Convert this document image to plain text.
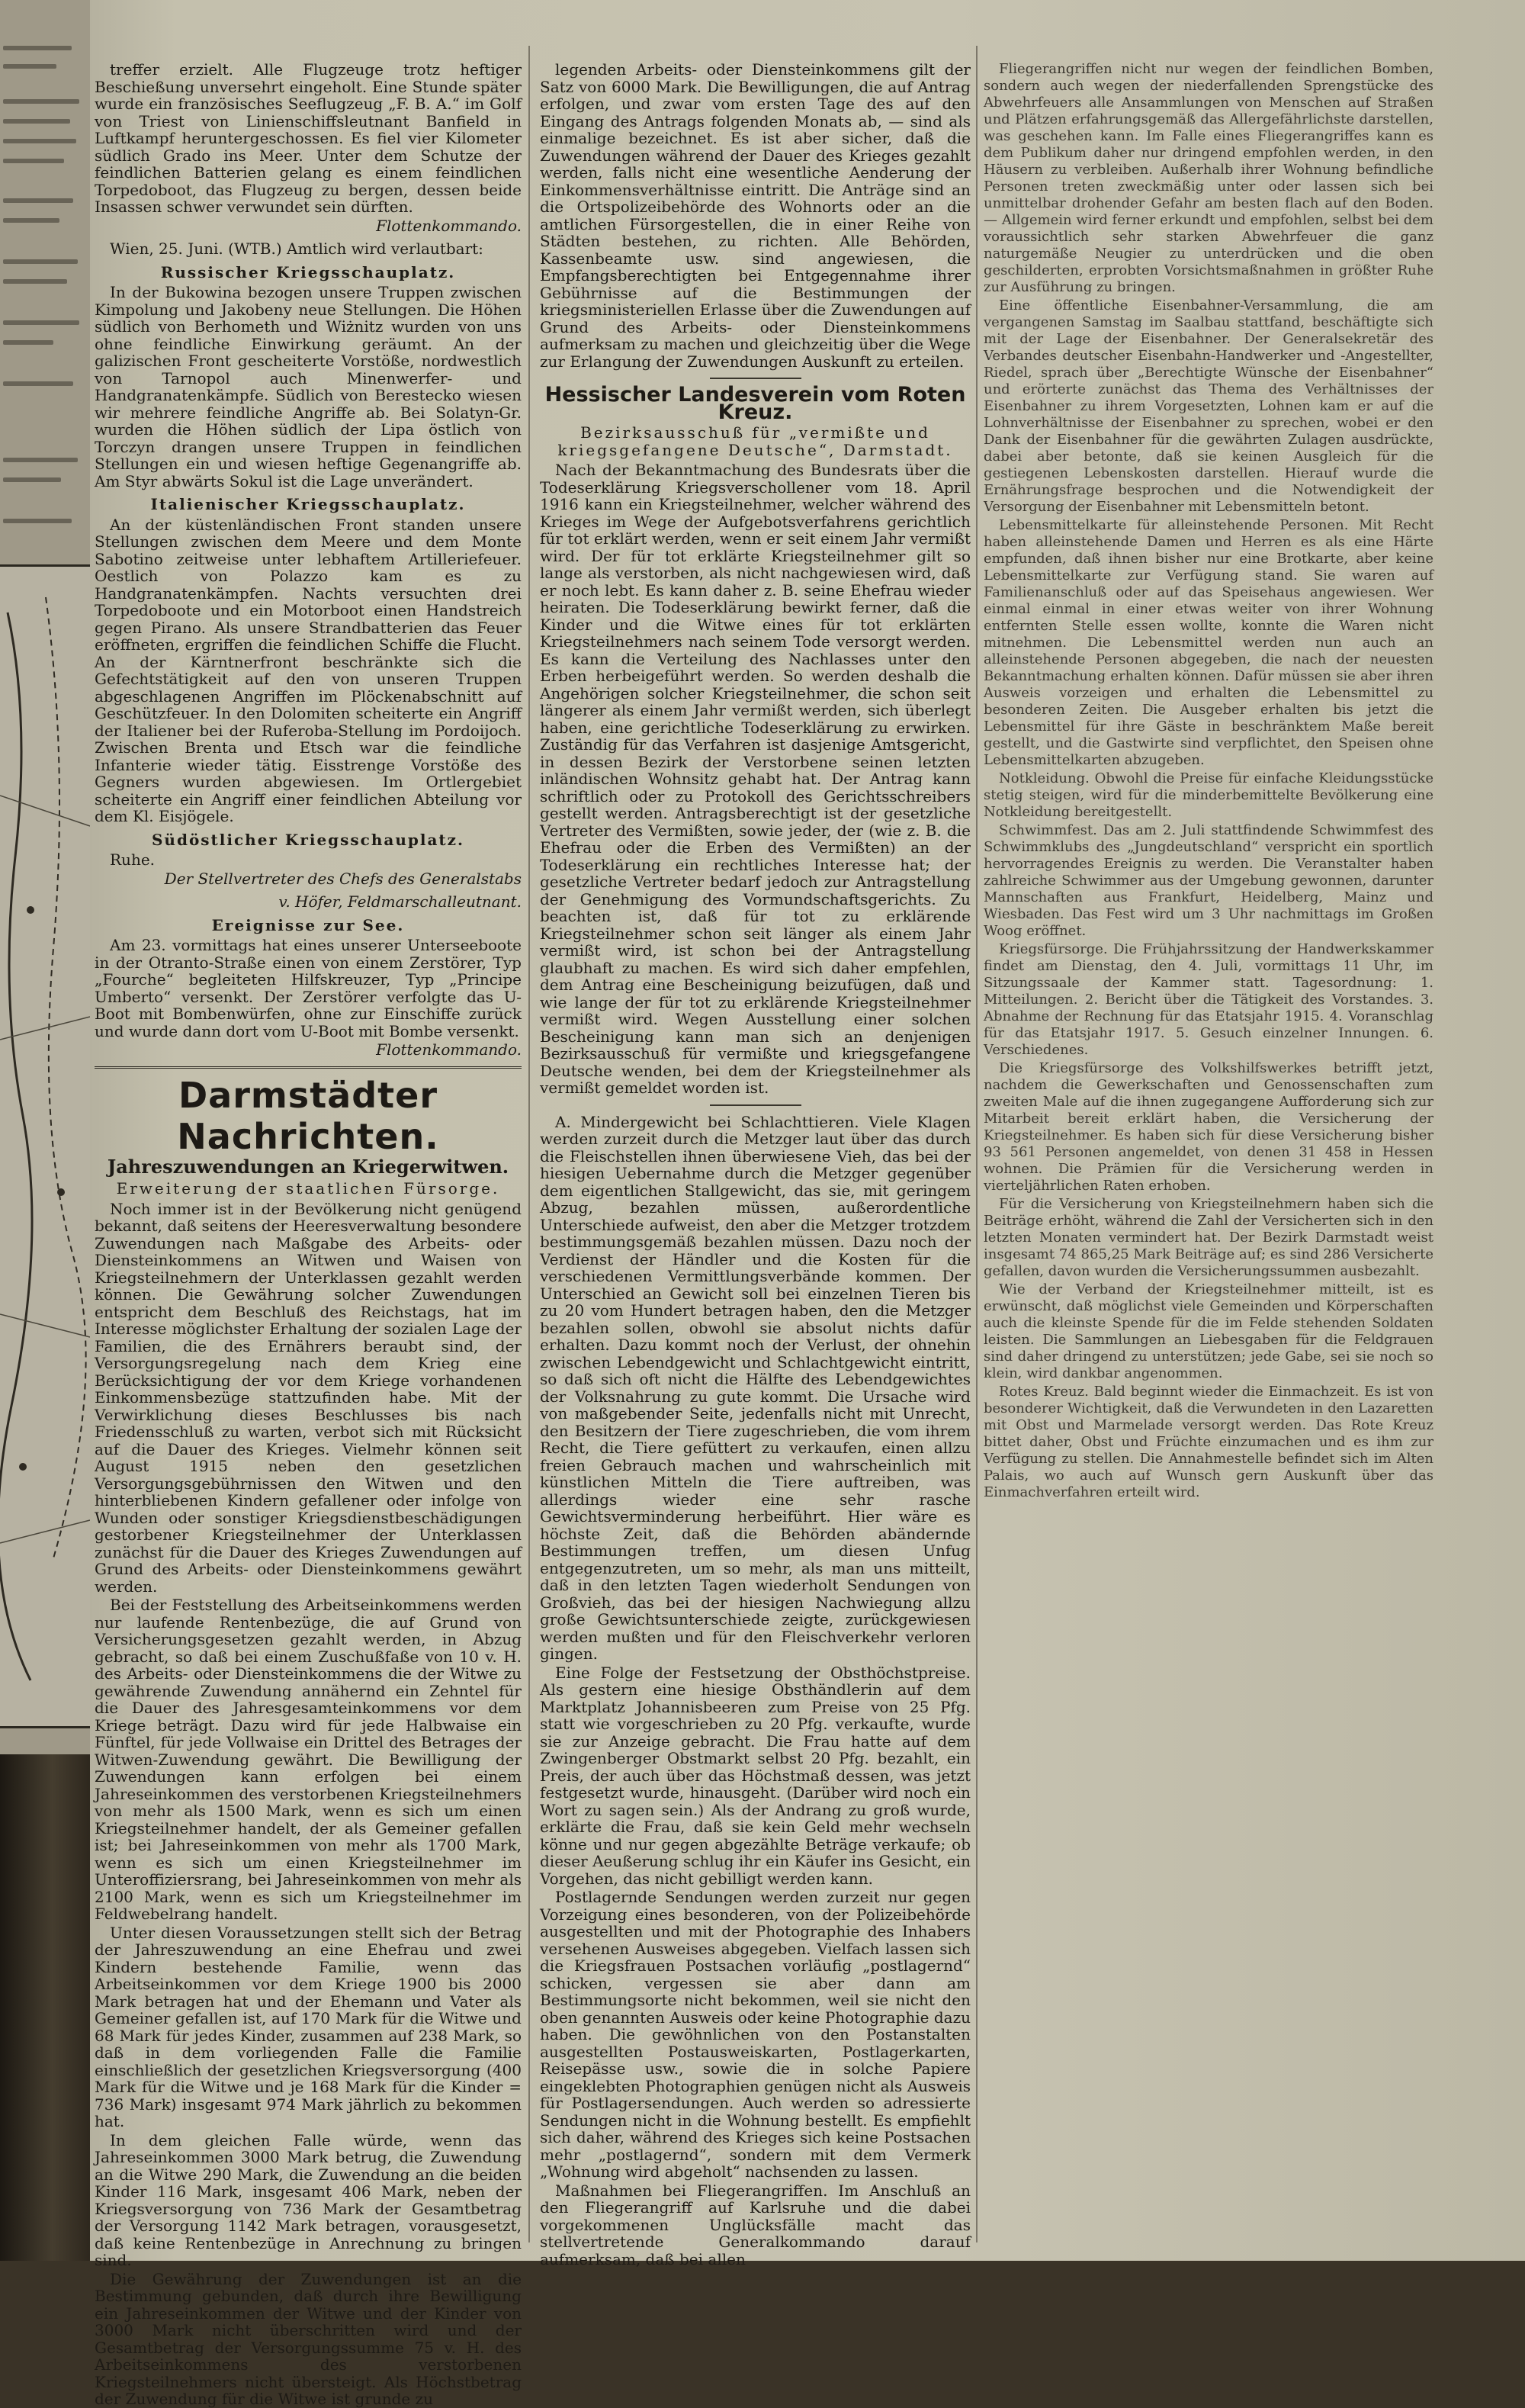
treffer erzielt. Alle Flugzeuge trotz heftiger Beschießung unversehrt eingeholt. Eine Stunde später wurde ein französisches Seeflugzeug „F. B. A.“ im Golf von Triest von Linienschiffsleutnant Banfield in Luftkampf heruntergeschossen. Es fiel vier Kilometer südlich Grado ins Meer. Unter dem Schutze der feindlichen Batterien gelang es einem feindlichen Torpedoboot, das Flugzeug zu bergen, dessen beide Insassen schwer verwundet sein dürften.

Flottenkommando.

Wien, 25. Juni. (WTB.) Amtlich wird verlautbart:

Russischer Kriegsschauplatz.

In der Bukowina bezogen unsere Truppen zwischen Kimpolung und Jakobeny neue Stellungen. Die Höhen südlich von Berhometh und Wiżnitz wurden von uns ohne feindliche Einwirkung geräumt. An der galizischen Front gescheiterte Vorstöße, nordwestlich von Tarnopol auch Minenwerfer- und Handgranatenkämpfe. Südlich von Berestecko wiesen wir mehrere feindliche Angriffe ab. Bei Solatyn-Gr. wurden die Höhen südlich der Lipa östlich von Torczyn drangen unsere Truppen in feindlichen Stellungen ein und wiesen heftige Gegenangriffe ab. Am Styr abwärts Sokul ist die Lage unverändert.

Italienischer Kriegsschauplatz.

An der küstenländischen Front standen unsere Stellungen zwischen dem Meere und dem Monte Sabotino zeitweise unter lebhaftem Artilleriefeuer. Oestlich von Polazzo kam es zu Handgranatenkämpfen. Nachts versuchten drei Torpedoboote und ein Motorboot einen Handstreich gegen Pirano. Als unsere Strandbatterien das Feuer eröffneten, ergriffen die feindlichen Schiffe die Flucht. An der Kärntnerfront beschränkte sich die Gefechtstätigkeit auf den von unseren Truppen abgeschlagenen Angriffen im Plöckenabschnitt auf Geschützfeuer. In den Dolomiten scheiterte ein Angriff der Italiener bei der Ruferoba-Stellung im Pordoijoch. Zwischen Brenta und Etsch war die feindliche Infanterie wieder tätig. Eisstrenge Vorstöße des Gegners wurden abgewiesen. Im Ortlergebiet scheiterte ein Angriff einer feindlichen Abteilung vor dem Kl. Eisjögele.

Südöstlicher Kriegsschauplatz.

Ruhe.

Der Stellvertreter des Chefs des Generalstabs

v. Höfer, Feldmarschalleutnant.

Ereignisse zur See.

Am 23. vormittags hat eines unserer Unterseeboote in der Otranto-Straße einen von einem Zerstörer, Typ „Fourche“ begleiteten Hilfskreuzer, Typ „Principe Umberto“ versenkt. Der Zerstörer verfolgte das U-Boot mit Bombenwürfen, ohne zur Einschiffe zurück und wurde dann dort vom U-Boot mit Bombe versenkt.

Flottenkommando.

Darmstädter Nachrichten.

Jahreszuwendungen an Kriegerwitwen.

Erweiterung der staatlichen Fürsorge.

Noch immer ist in der Bevölkerung nicht genügend bekannt, daß seitens der Heeresverwaltung besondere Zuwendungen nach Maßgabe des Arbeits- oder Diensteinkommens an Witwen und Waisen von Kriegsteilnehmern der Unterklassen gezahlt werden können. Die Gewährung solcher Zuwendungen entspricht dem Beschluß des Reichstags, hat im Interesse möglichster Erhaltung der sozialen Lage der Familien, die des Ernährers beraubt sind, der Versorgungsregelung nach dem Krieg eine Berücksichtigung der vor dem Kriege vorhandenen Einkommensbezüge stattzufinden habe. Mit der Verwirklichung dieses Beschlusses bis nach Friedensschluß zu warten, verbot sich mit Rücksicht auf die Dauer des Krieges. Vielmehr können seit August 1915 neben den gesetzlichen Versorgungsgebührnissen den Witwen und den hinterbliebenen Kindern gefallener oder infolge von Wunden oder sonstiger Kriegsdienstbeschädigungen gestorbener Kriegsteilnehmer der Unterklassen zunächst für die Dauer des Krieges Zuwendungen auf Grund des Arbeits- oder Diensteinkommens gewährt werden.

Bei der Feststellung des Arbeitseinkommens werden nur laufende Rentenbezüge, die auf Grund von Versicherungsgesetzen gezahlt werden, in Abzug gebracht, so daß bei einem Zuschußfaße von 10 v. H. des Arbeits- oder Diensteinkommens die der Witwe zu gewährende Zuwendung annähernd ein Zehntel für die Dauer des Jahresgesamteinkommens vor dem Kriege beträgt. Dazu wird für jede Halbwaise ein Fünftel, für jede Vollwaise ein Drittel des Betrages der Witwen-Zuwendung gewährt. Die Bewilligung der Zuwendungen kann erfolgen bei einem Jahreseinkommen des verstorbenen Kriegsteilnehmers von mehr als 1500 Mark, wenn es sich um einen Kriegsteilnehmer handelt, der als Gemeiner gefallen ist; bei Jahreseinkommen von mehr als 1700 Mark, wenn es sich um einen Kriegsteilnehmer im Unteroffiziersrang, bei Jahreseinkommen von mehr als 2100 Mark, wenn es sich um Kriegsteilnehmer im Feldwebelrang handelt.

Unter diesen Voraussetzungen stellt sich der Betrag der Jahreszuwendung an eine Ehefrau und zwei Kindern bestehende Familie, wenn das Arbeitseinkommen vor dem Kriege 1900 bis 2000 Mark betragen hat und der Ehemann und Vater als Gemeiner gefallen ist, auf 170 Mark für die Witwe und 68 Mark für jedes Kinder, zusammen auf 238 Mark, so daß in dem vorliegenden Falle die Familie einschließlich der gesetzlichen Kriegsversorgung (400 Mark für die Witwe und je 168 Mark für die Kinder = 736 Mark) insgesamt 974 Mark jährlich zu bekommen hat.

In dem gleichen Falle würde, wenn das Jahreseinkommen 3000 Mark betrug, die Zuwendung an die Witwe 290 Mark, die Zuwendung an die beiden Kinder 116 Mark, insgesamt 406 Mark, neben der Kriegsversorgung von 736 Mark der Gesamtbetrag der Versorgung 1142 Mark betragen, vorausgesetzt, daß keine Rentenbezüge in Anrechnung zu bringen sind.

Die Gewährung der Zuwendungen ist an die Bestimmung gebunden, daß durch ihre Bewilligung ein Jahreseinkommen der Witwe und der Kinder von 3000 Mark nicht überschritten wird und der Gesamtbetrag der Versorgungssumme 75 v. H. des Arbeitseinkommens des verstorbenen Kriegsteilnehmers nicht übersteigt. Als Höchstbetrag der Zuwendung für die Witwe ist grunde zu

legenden Arbeits- oder Diensteinkommens gilt der Satz von 6000 Mark. Die Bewilligungen, die auf Antrag erfolgen, und zwar vom ersten Tage des auf den Eingang des Antrags folgenden Monats ab, — sind als einmalige bezeichnet. Es ist aber sicher, daß die Zuwendungen während der Dauer des Krieges gezahlt werden, falls nicht eine wesentliche Aenderung der Einkommensverhältnisse eintritt. Die Anträge sind an die Ortspolizeibehörde des Wohnorts oder an die amtlichen Fürsorgestellen, die in einer Reihe von Städten bestehen, zu richten. Alle Behörden, Kassenbeamte usw. sind angewiesen, die Empfangsberechtigten bei Entgegennahme ihrer Gebührnisse auf die Bestimmungen der kriegsministeriellen Erlasse über die Zuwendungen auf Grund des Arbeits- oder Diensteinkommens aufmerksam zu machen und gleichzeitig über die Wege zur Erlangung der Zuwendungen Auskunft zu erteilen.

Hessischer Landesverein vom Roten Kreuz.

Bezirksausschuß für „vermißte und kriegsgefangene Deutsche“, Darmstadt.

Nach der Bekanntmachung des Bundesrats über die Todeserklärung Kriegsverschollener vom 18. April 1916 kann ein Kriegsteilnehmer, welcher während des Krieges im Wege der Aufgebotsverfahrens gerichtlich für tot erklärt werden, wenn er seit einem Jahr vermißt wird. Der für tot erklärte Kriegsteilnehmer gilt so lange als verstorben, als nicht nachgewiesen wird, daß er noch lebt. Es kann daher z. B. seine Ehefrau wieder heiraten. Die Todeserklärung bewirkt ferner, daß die Kinder und die Witwe eines für tot erklärten Kriegsteilnehmers nach seinem Tode versorgt werden. Es kann die Verteilung des Nachlasses unter den Erben herbeigeführt werden. So werden deshalb die Angehörigen solcher Kriegsteilnehmer, die schon seit längerer als einem Jahr vermißt werden, sich überlegt haben, eine gerichtliche Todeserklärung zu erwirken. Zuständig für das Verfahren ist dasjenige Amtsgericht, in dessen Bezirk der Verstorbene seinen letzten inländischen Wohnsitz gehabt hat. Der Antrag kann schriftlich oder zu Protokoll des Gerichtsschreibers gestellt werden. Antragsberechtigt ist der gesetzliche Vertreter des Vermißten, sowie jeder, der (wie z. B. die Ehefrau oder die Erben des Vermißten) an der Todeserklärung ein rechtliches Interesse hat; der gesetzliche Vertreter bedarf jedoch zur Antragstellung der Genehmigung des Vormundschaftsgerichts. Zu beachten ist, daß für tot zu erklärende Kriegsteilnehmer schon seit länger als einem Jahr vermißt wird, ist schon bei der Antragstellung glaubhaft zu machen. Es wird sich daher empfehlen, dem Antrag eine Bescheinigung beizufügen, daß und wie lange der für tot zu erklärende Kriegsteilnehmer vermißt wird. Wegen Ausstellung einer solchen Bescheinigung kann man sich an denjenigen Bezirksausschuß für vermißte und kriegsgefangene Deutsche wenden, bei dem der Kriegsteilnehmer als vermißt gemeldet worden ist.

A. Mindergewicht bei Schlachttieren. Viele Klagen werden zurzeit durch die Metzger laut über das durch die Fleischstellen ihnen überwiesene Vieh, das bei der hiesigen Uebernahme durch die Metzger gegenüber dem eigentlichen Stallgewicht, das sie, mit geringem Abzug, bezahlen müssen, außerordentliche Unterschiede aufweist, den aber die Metzger trotzdem bestimmungsgemäß bezahlen müssen. Dazu noch der Verdienst der Händler und die Kosten für die verschiedenen Vermittlungsverbände kommen. Der Unterschied an Gewicht soll bei einzelnen Tieren bis zu 20 vom Hundert betragen haben, den die Metzger bezahlen sollen, obwohl sie absolut nichts dafür erhalten. Dazu kommt noch der Verlust, der ohnehin zwischen Lebendgewicht und Schlachtgewicht eintritt, so daß sich oft nicht die Hälfte des Lebendgewichtes der Volksnahrung zu gute kommt. Die Ursache wird von maßgebender Seite, jedenfalls nicht mit Unrecht, den Besitzern der Tiere zugeschrieben, die vom ihrem Recht, die Tiere gefüttert zu verkaufen, einen allzu freien Gebrauch machen und wahrscheinlich mit künstlichen Mitteln die Tiere auftreiben, was allerdings wieder eine sehr rasche Gewichtsverminderung herbeiführt. Hier wäre es höchste Zeit, daß die Behörden abändernde Bestimmungen treffen, um diesen Unfug entgegenzutreten, um so mehr, als man uns mitteilt, daß in den letzten Tagen wiederholt Sendungen von Großvieh, das bei der hiesigen Nachwiegung allzu große Gewichtsunterschiede zeigte, zurückgewiesen werden mußten und für den Fleischverkehr verloren gingen.

Eine Folge der Festsetzung der Obsthöchstpreise. Als gestern eine hiesige Obsthändlerin auf dem Marktplatz Johannisbeeren zum Preise von 25 Pfg. statt wie vorgeschrieben zu 20 Pfg. verkaufte, wurde sie zur Anzeige gebracht. Die Frau hatte auf dem Zwingenberger Obstmarkt selbst 20 Pfg. bezahlt, ein Preis, der auch über das Höchstmaß dessen, was jetzt festgesetzt wurde, hinausgeht. (Darüber wird noch ein Wort zu sagen sein.) Als der Andrang zu groß wurde, erklärte die Frau, daß sie kein Geld mehr wechseln könne und nur gegen abgezählte Beträge verkaufe; ob dieser Aeußerung schlug ihr ein Käufer ins Gesicht, ein Vorgehen, das nicht gebilligt werden kann.

Postlagernde Sendungen werden zurzeit nur gegen Vorzeigung eines besonderen, von der Polizeibehörde ausgestellten und mit der Photographie des Inhabers versehenen Ausweises abgegeben. Vielfach lassen sich die Kriegsfrauen Postsachen vorläufig „postlagernd“ schicken, vergessen sie aber dann am Bestimmungsorte nicht bekommen, weil sie nicht den oben genannten Ausweis oder keine Photographie dazu haben. Die gewöhnlichen von den Postanstalten ausgestellten Postausweiskarten, Postlagerkarten, Reisepässe usw., sowie die in solche Papiere eingeklebten Photographien genügen nicht als Ausweis für Postlagersendungen. Auch werden so adressierte Sendungen nicht in die Wohnung bestellt. Es empfiehlt sich daher, während des Krieges sich keine Postsachen mehr „postlagernd“, sondern mit dem Vermerk „Wohnung wird abgeholt“ nachsenden zu lassen.

Maßnahmen bei Fliegerangriffen. Im Anschluß an den Fliegerangriff auf Karlsruhe und die dabei vorgekommenen Unglücksfälle macht das stellvertretende Generalkommando darauf aufmerksam, daß bei allen

Fliegerangriffen nicht nur wegen der feindlichen Bomben, sondern auch wegen der niederfallenden Sprengstücke des Abwehrfeuers alle Ansammlungen von Menschen auf Straßen und Plätzen erfahrungsgemäß das Allergefährlichste darstellen, was geschehen kann. Im Falle eines Fliegerangriffes kann es dem Publikum daher nur dringend empfohlen werden, in den Häusern zu verbleiben. Außerhalb ihrer Wohnung befindliche Personen treten zweckmäßig unter oder lassen sich bei unmittelbar drohender Gefahr am besten flach auf den Boden. — Allgemein wird ferner erkundt und empfohlen, selbst bei dem voraussichtlich sehr starken Abwehrfeuer die ganz naturgemäße Neugier zu unterdrücken und die oben geschilderten, erprobten Vorsichtsmaßnahmen in größter Ruhe zur Ausführung zu bringen.

Eine öffentliche Eisenbahner-Versammlung, die am vergangenen Samstag im Saalbau stattfand, beschäftigte sich mit der Lage der Eisenbahner. Der Generalsekretär des Verbandes deutscher Eisenbahn-Handwerker und -Angestellter, Riedel, sprach über „Berechtigte Wünsche der Eisenbahner“ und erörterte zunächst das Thema des Verhältnisses der Eisenbahner zu ihrem Vorgesetzten, Lohnen kam er auf die Lohnverhältnisse der Eisenbahner zu sprechen, wobei er den Dank der Eisenbahner für die gewährten Zulagen ausdrückte, dabei aber betonte, daß sie keinen Ausgleich für die gestiegenen Lebenskosten darstellen. Hierauf wurde die Ernährungsfrage besprochen und die Notwendigkeit der Versorgung der Eisenbahner mit Lebensmitteln betont.

Lebensmittelkarte für alleinstehende Personen. Mit Recht haben alleinstehende Damen und Herren es als eine Härte empfunden, daß ihnen bisher nur eine Brotkarte, aber keine Lebensmittelkarte zur Verfügung stand. Sie waren auf Familienanschluß oder auf das Speisehaus angewiesen. Wer einmal einmal in einer etwas weiter von ihrer Wohnung entfernten Stelle essen wollte, konnte die Waren nicht mitnehmen. Die Lebensmittel werden nun auch an alleinstehende Personen abgegeben, die nach der neuesten Bekanntmachung erhalten können. Dafür müssen sie aber ihren Ausweis vorzeigen und erhalten die Lebensmittel zu besonderen Zeiten. Die Ausgeber erhalten bis jetzt die Lebensmittel für ihre Gäste in beschränktem Maße bereit gestellt, und die Gastwirte sind verpflichtet, den Speisen ohne Lebensmittelkarten abzugeben.

Notkleidung. Obwohl die Preise für einfache Kleidungsstücke stetig steigen, wird für die minderbemittelte Bevölkerung eine Notkleidung bereitgestellt.

Schwimmfest. Das am 2. Juli stattfindende Schwimmfest des Schwimmklubs des „Jungdeutschland“ verspricht ein sportlich hervorragendes Ereignis zu werden. Die Veranstalter haben zahlreiche Schwimmer aus der Umgebung gewonnen, darunter Mannschaften aus Frankfurt, Heidelberg, Mainz und Wiesbaden. Das Fest wird um 3 Uhr nachmittags im Großen Woog eröffnet.

Kriegsfürsorge. Die Frühjahrssitzung der Handwerkskammer findet am Dienstag, den 4. Juli, vormittags 11 Uhr, im Sitzungssaale der Kammer statt. Tagesordnung: 1. Mitteilungen. 2. Bericht über die Tätigkeit des Vorstandes. 3. Abnahme der Rechnung für das Etatsjahr 1915. 4. Voranschlag für das Etatsjahr 1917. 5. Gesuch einzelner Innungen. 6. Verschiedenes.

Die Kriegsfürsorge des Volkshilfswerkes betrifft jetzt, nachdem die Gewerkschaften und Genossenschaften zum zweiten Male auf die ihnen zugegangene Aufforderung sich zur Mitarbeit bereit erklärt haben, die Versicherung der Kriegsteilnehmer. Es haben sich für diese Versicherung bisher 93 561 Personen angemeldet, von denen 31 458 in Hessen wohnen. Die Prämien für die Versicherung werden in vierteljährlichen Raten erhoben.

Für die Versicherung von Kriegsteilnehmern haben sich die Beiträge erhöht, während die Zahl der Versicherten sich in den letzten Monaten vermindert hat. Der Bezirk Darmstadt weist insgesamt 74 865,25 Mark Beiträge auf; es sind 286 Versicherte gefallen, davon wurden die Versicherungssummen ausbezahlt.

Wie der Verband der Kriegsteilnehmer mitteilt, ist es erwünscht, daß möglichst viele Gemeinden und Körperschaften auch die kleinste Spende für die im Felde stehenden Soldaten leisten. Die Sammlungen an Liebesgaben für die Feldgrauen sind daher dringend zu unterstützen; jede Gabe, sei sie noch so klein, wird dankbar angenommen.

Rotes Kreuz. Bald beginnt wieder die Einmachzeit. Es ist von besonderer Wichtigkeit, daß die Verwundeten in den Lazaretten mit Obst und Marmelade versorgt werden. Das Rote Kreuz bittet daher, Obst und Früchte einzumachen und es ihm zur Verfügung zu stellen. Die Annahmestelle befindet sich im Alten Palais, wo auch auf Wunsch gern Auskunft über das Einmachverfahren erteilt wird.
